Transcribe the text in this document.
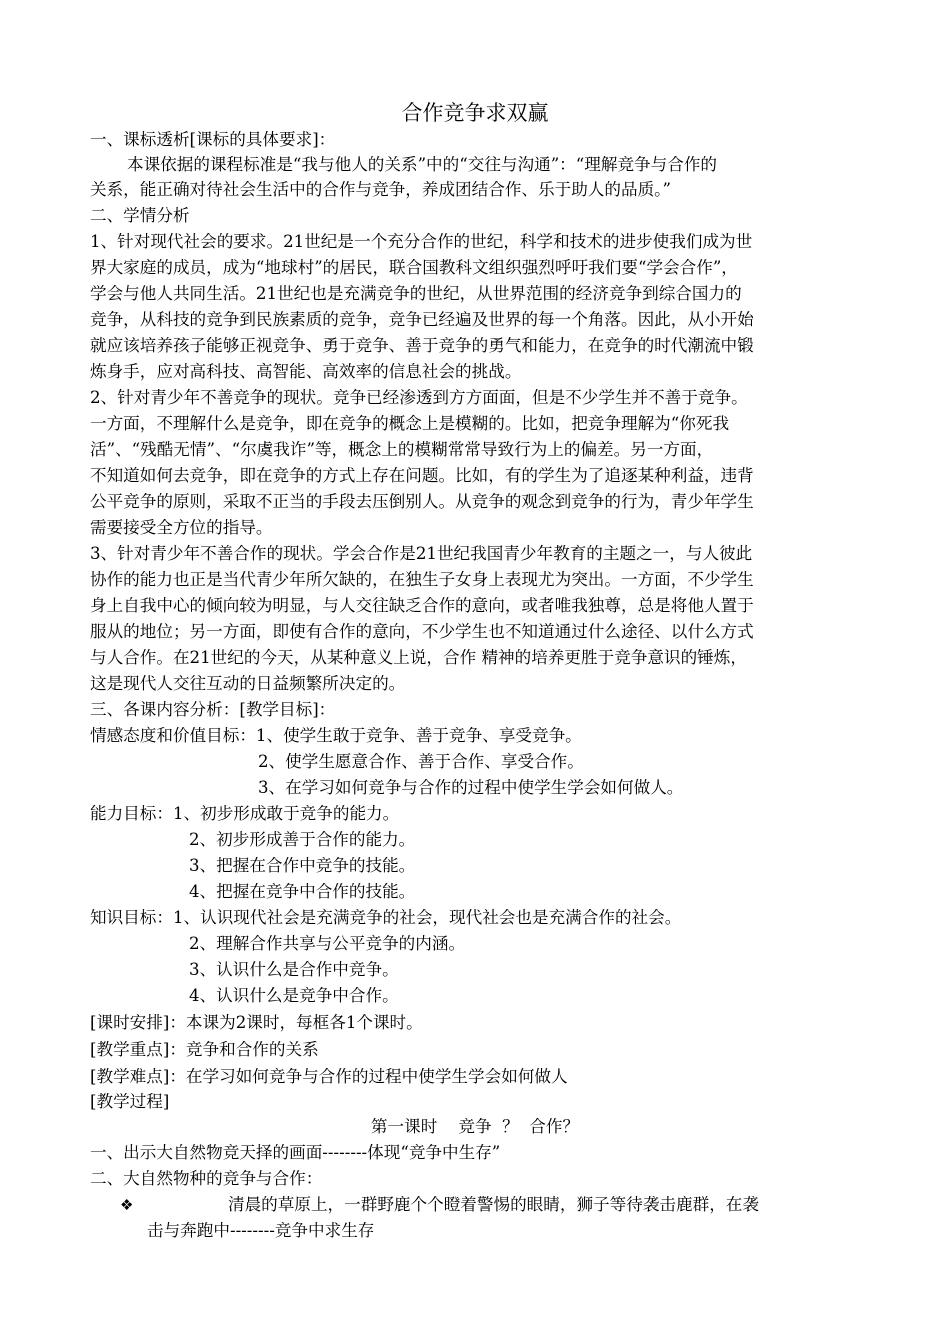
合作竞争求双赢
一、课标透析[课标的具体要求]：
本课依据的课程标准是“我与他人的关系”中的“交往与沟通”：“理解竞争与合作的
关系，能正确对待社会生活中的合作与竞争，养成团结合作、乐于助人的品质。”
二、学情分析
1、针对现代社会的要求。21世纪是一个充分合作的世纪，科学和技术的进步使我们成为世
界大家庭的成员，成为“地球村”的居民，联合国教科文组织强烈呼吁我们要“学会合作”，
学会与他人共同生活。21世纪也是充满竞争的世纪，从世界范围的经济竞争到综合国力的
竞争，从科技的竞争到民族素质的竞争，竞争已经遍及世界的每一个角落。因此，从小开始
就应该培养孩子能够正视竞争、勇于竞争、善于竞争的勇气和能力，在竞争的时代潮流中锻
炼身手，应对高科技、高智能、高效率的信息社会的挑战。
2、针对青少年不善竞争的现状。竞争已经渗透到方方面面，但是不少学生并不善于竞争。
一方面，不理解什么是竞争，即在竞争的概念上是模糊的。比如，把竞争理解为“你死我
活”、“残酷无情”、“尔虞我诈”等，概念上的模糊常常导致行为上的偏差。另一方面，
不知道如何去竞争，即在竞争的方式上存在问题。比如，有的学生为了追逐某种利益，违背
公平竞争的原则，采取不正当的手段去压倒别人。从竞争的观念到竞争的行为，青少年学生
需要接受全方位的指导。
3、针对青少年不善合作的现状。学会合作是21世纪我国青少年教育的主题之一，与人彼此
协作的能力也正是当代青少年所欠缺的，在独生子女身上表现尤为突出。一方面，不少学生
身上自我中心的倾向较为明显，与人交往缺乏合作的意向，或者唯我独尊，总是将他人置于
服从的地位；另一方面，即使有合作的意向，不少学生也不知道通过什么途径、以什么方式
与人合作。在21世纪的今天，从某种意义上说，合作 精神的培养更胜于竞争意识的锤炼，
这是现代人交往互动的日益频繁所决定的。
三、各课内容分析：[教学目标]：
情感态度和价值目标：1、使学生敢于竞争、善于竞争、享受竞争。
2、使学生愿意合作、善于合作、享受合作。
3、在学习如何竞争与合作的过程中使学生学会如何做人。
能力目标：1、初步形成敢于竞争的能力。
2、初步形成善于合作的能力。
3、把握在合作中竞争的技能。
4、把握在竞争中合作的技能。
知识目标：1、认识现代社会是充满竞争的社会，现代社会也是充满合作的社会。
2、理解合作共享与公平竞争的内涵。
3、认识什么是合作中竞争。
4、认识什么是竞争中合作。
[课时安排]：本课为2课时，每框各1个课时。
[教学重点]：竞争和合作的关系
[教学难点]：在学习如何竞争与合作的过程中使学生学会如何做人
[教学过程]
第一课时    竞争  ？  合作？
一、出示大自然物竞天择的画面--------体现“竞争中生存”
二、大自然物种的竞争与合作：
❖	清晨的草原上，一群野鹿个个瞪着警惕的眼睛，狮子等待袭击鹿群，在袭
击与奔跑中--------竞争中求生存
